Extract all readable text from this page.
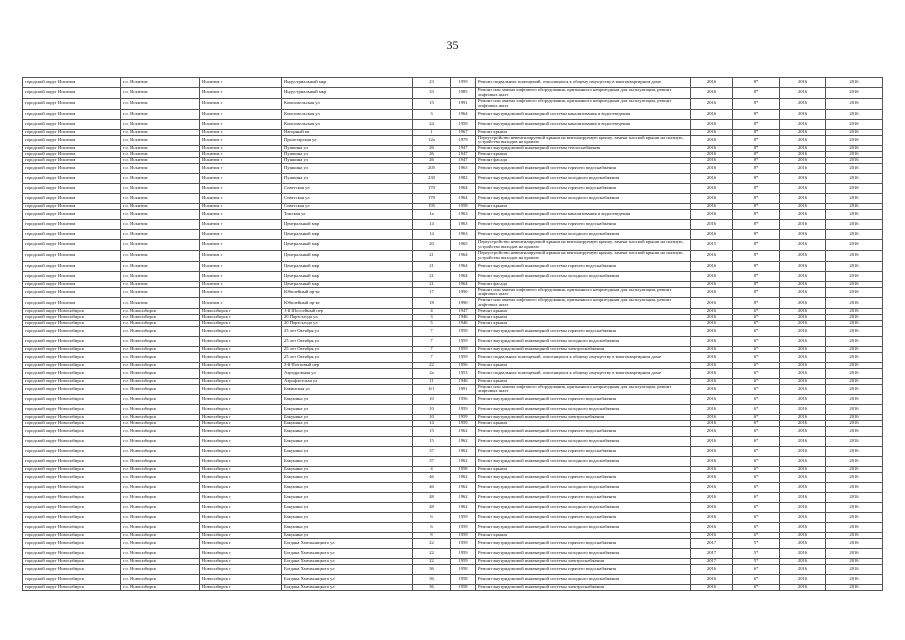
35
городской округ Искитим	г.о. Искитим	Искитим г	Индустриальный мкр	23	1959	Ремонт подвальных помещений, относящихся к общему имуществу в многоквартирном доме	2016	8*	2016	2016
городской округ Искитим	г.о. Искитим	Искитим г	Индустриальный мкр	33	1985	Ремонт или замена лифтового оборудования, признанного непригодным для эксплуатации, ремонт лифтовых шахт	2016	8*	2016	2016
городской округ Искитим	г.о. Искитим	Искитим г	Комсомольская ул	15	1991	Ремонт или замена лифтового оборудования, признанного непригодным для эксплуатации, ремонт лифтовых шахт	2016	8*	2016	2016
городской округ Искитим	г.о. Искитим	Искитим г	Комсомольская ул	3	1964	Ремонт внутридомовой инженерной системы канализования и водоотведения	2016	8*	2016	2016
городской округ Искитим	г.о. Искитим	Искитим г	Комсомольская ул	24	1959	Ремонт внутридомовой инженерной системы канализования и водоотведения	2016	8*	2016	2016
городской округ Искитим	г.о. Искитим	Искитим г	Нагорный кв	1	1967	Ремонт крыши	2016	8*	2016	2016
городской округ Искитим	г.о. Искитим	Искитим г	Пролетарская ул	12а	1979	Переустройство невентилируемой крыши на вентилируемую крышу, замена плоской крыши на скатную, устройство выходов на кровлю	2016	8*	2016	2016
городской округ Искитим	г.о. Искитим	Искитим г	Пушкина ул	26	1947	Ремонт внутридомовой инженерной системы теплоснабжения	2016	8*	2016	2016
городской округ Искитим	г.о. Искитим	Искитим г	Пушкина ул	26	1947	Ремонт крыши	2016	8*	2016	2016
городской округ Искитим	г.о. Искитим	Искитим г	Пушкина ул	26	1947	Ремонт фасада	2016	8*	2016	2016
городской округ Искитим	г.о. Искитим	Искитим г	Пушкина ул	205	1963	Ремонт внутридомовой инженерной системы горячего водоснабжения	2016	8*	2016	2016
городской округ Искитим	г.о. Искитим	Искитим г	Пушкина ул	230	1982	Ремонт внутридомовой инженерной системы холодного водоснабжения	2016	8*	2016	2016
городской округ Искитим	г.о. Искитим	Искитим г	Советская ул	170	1964	Ремонт внутридомовой инженерной системы горячего водоснабжения	2016	8*	2016	2016
городской округ Искитим	г.о. Искитим	Искитим г	Советская ул	170	1964	Ремонт внутридомовой инженерной системы холодного водоснабжения	2016	8*	2016	2016
городской округ Искитим	г.о. Искитим	Искитим г	Советская ул	195	1958	Ремонт крыши	2016	8*	2016	2016
городской округ Искитим	г.о. Искитим	Искитим г	Томская ул	1а	1963	Ремонт внутридомовой инженерной системы канализования и водоотведения	2016	8*	2016	2016
городской округ Искитим	г.о. Искитим	Искитим г	Центральный мкр	14	1963	Ремонт внутридомовой инженерной системы горячего водоснабжения	2016	8*	2016	2016
городской округ Искитим	г.о. Искитим	Искитим г	Центральный мкр	14	1963	Ремонт внутридомовой инженерной системы холодного водоснабжения	2016	8*	2016	2016
городской округ Искитим	г.о. Искитим	Искитим г	Центральный мкр	20	1965	Переустройство невентилируемой крыши на вентилируемую крышу, замена плоской крыши на скатную, устройство выходов на кровлю	2015	8*	2016	2016
городской округ Искитим	г.о. Искитим	Искитим г	Центральный мкр	21	1964	Переустройство невентилируемой крыши на вентилируемую крышу, замена плоской крыши на скатную, устройство выходов на кровлю	2016	8*	2016	2016
городской округ Искитим	г.о. Искитим	Искитим г	Центральный мкр	21	1964	Ремонт внутридомовой инженерной системы горячего водоснабжения	2016	8*	2016	2016
городской округ Искитим	г.о. Искитим	Искитим г	Центральный мкр	21	1964	Ремонт внутридомовой инженерной системы холодного водоснабжения	2016	8*	2016	2016
городской округ Искитим	г.о. Искитим	Искитим г	Центральный мкр	21	1964	Ремонт фасада	2016	8*	2016	2016
городской округ Искитим	г.о. Искитим	Искитим г	Юбилейный пр-кт	17	1990	Ремонт или замена лифтового оборудования, признанного непригодным для эксплуатации, ремонт лифтовых шахт	2016	8*	2016	2016
городской округ Искитим	г.о. Искитим	Искитим г	Юбилейный пр-кт	18	1990	Ремонт или замена лифтового оборудования, признанного непригодным для эксплуатации, ремонт лифтовых шахт	2016	8*	2016	2016
городской округ Новосибирск	г.о. Новосибирск	Новосибирск г	1-й Шоссейный пер	4	1947	Ремонт крыши	2016	6*	2016	2016
городской округ Новосибирск	г.о. Новосибирск	Новосибирск г	20 Партсъезда ул	3	1946	Ремонт крыши	2016	6*	2016	2016
городской округ Новосибирск	г.о. Новосибирск	Новосибирск г	20 Партсъезда ул	5	1946	Ремонт крыши	2016	6*	2016	2016
городской округ Новосибирск	г.о. Новосибирск	Новосибирск г	25 лет Октября ул	7	1959	Ремонт внутридомовой инженерной системы горячего водоснабжения	2016	6*	2016	2016
городской округ Новосибирск	г.о. Новосибирск	Новосибирск г	25 лет Октября ул	7	1959	Ремонт внутридомовой инженерной системы холодного водоснабжения	2016	6*	2016	2016
городской округ Новосибирск	г.о. Новосибирск	Новосибирск г	25 лет Октября ул	7	1959	Ремонт внутридомовой инженерной системы электроснабжения	2016	6*	2016	2016
городской округ Новосибирск	г.о. Новосибирск	Новосибирск г	25 лет Октября ул	7	1959	Ремонт подвальных помещений, относящихся к общему имуществу в многоквартирном доме	2016	6*	2016	2016
городской округ Новосибирск	г.о. Новосибирск	Новосибирск г	3-й Почтовый пер	22	1956	Ремонт крыши	2016	6*	2016	2016
городской округ Новосибирск	г.о. Новосибирск	Новосибирск г	Аэродромная ул	2а	1953	Ремонт подвальных помещений, относящихся к общему имуществу в многоквартирном доме	2016	6*	2016	2016
городской округ Новосибирск	г.о. Новосибирск	Новосибирск г	Аэрофлотская ул	11	1946	Ремонт крыши	2016	6*	2016	2016
городской округ Новосибирск	г.о. Новосибирск	Новосибирск г	Бакинская ул	6/1	1991	Ремонт или замена лифтового оборудования, признанного непригодным для эксплуатации, ремонт лифтовых шахт	2016	6*	2016	2016
городской округ Новосибирск	г.о. Новосибирск	Новосибирск г	Бакунина ул	10	1956	Ремонт внутридомовой инженерной системы горячего водоснабжения	2016	6*	2016	2016
городской округ Новосибирск	г.о. Новосибирск	Новосибирск г	Бакунина ул	10	1959	Ремонт внутридомовой инженерной системы холодного водоснабжения	2016	6*	2016	2016
городской округ Новосибирск	г.о. Новосибирск	Новосибирск г	Бакунина ул	10	1959	Ремонт внутридомовой инженерной системы электроснабжения	2016	6*	2016	2016
городской округ Новосибирск	г.о. Новосибирск	Новосибирск г	Бакунина ул	14	1959	Ремонт крыши	2016	6*	2016	2016
городской округ Новосибирск	г.о. Новосибирск	Новосибирск г	Бакунина ул	15	1962	Ремонт внутридомовой инженерной системы горячего водоснабжения	2016	6*	2016	2016
городской округ Новосибирск	г.о. Новосибирск	Новосибирск г	Бакунина ул	15	1962	Ремонт внутридомовой инженерной системы холодного водоснабжения	2016	6*	2016	2016
городской округ Новосибирск	г.о. Новосибирск	Новосибирск г	Бакунина ул	37	1962	Ремонт внутридомовой инженерной системы горячего водоснабжения	2016	6*	2016	2016
городской округ Новосибирск	г.о. Новосибирск	Новосибирск г	Бакунина ул	37	1962	Ремонт внутридомовой инженерной системы холодного водоснабжения	2016	6*	2016	2016
городской округ Новосибирск	г.о. Новосибирск	Новосибирск г	Бакунина ул	4	1958	Ремонт крыши	2016	6*	2016	2016
городской округ Новосибирск	г.о. Новосибирск	Новосибирск г	Бакунина ул	46	1962	Ремонт внутридомовой инженерной системы горячего водоснабжения	2016	6*	2016	2016
городской округ Новосибирск	г.о. Новосибирск	Новосибирск г	Бакунина ул	46	1962	Ремонт внутридомовой инженерной системы холодного водоснабжения	2016	6*	2016	2016
городской округ Новосибирск	г.о. Новосибирск	Новосибирск г	Бакунина ул	48	1962	Ремонт внутридомовой инженерной системы горячего водоснабжения	2016	6*	2016	2016
городской округ Новосибирск	г.о. Новосибирск	Новосибирск г	Бакунина ул	48	1962	Ремонт внутридомовой инженерной системы холодного водоснабжения	2016	6*	2016	2016
городской округ Новосибирск	г.о. Новосибирск	Новосибирск г	Бакунина ул	6	1959	Ремонт внутридомовой инженерной системы горячего водоснабжения	2016	6*	2016	2016
городской округ Новосибирск	г.о. Новосибирск	Новосибирск г	Бакунина ул	6	1959	Ремонт внутридомовой инженерной системы холодного водоснабжения	2016	6*	2016	2016
городской округ Новосибирск	г.о. Новосибирск	Новосибирск г	Бакунина ул	8	1959	Ремонт крыши	2016	6*	2016	2016
городской округ Новосибирск	г.о. Новосибирск	Новосибирск г	Богдана Хмельницкого ул	22	1959	Ремонт внутридомовой инженерной системы горячего водоснабжения	2017	5*	2016	2016
городской округ Новосибирск	г.о. Новосибирск	Новосибирск г	Богдана Хмельницкого ул	22	1959	Ремонт внутридомовой инженерной системы холодного водоснабжения	2017	5*	2016	2016
городской округ Новосибирск	г.о. Новосибирск	Новосибирск г	Богдана Хмельницкого ул	22	1959	Ремонт внутридомовой инженерной системы электроснабжения	2017	5*	2016	2016
городской округ Новосибирск	г.о. Новосибирск	Новосибирск г	Богдана Хмельницкого ул	36	1958	Ремонт внутридомовой инженерной системы горячего водоснабжения	2016	6*	2016	2016
городской округ Новосибирск	г.о. Новосибирск	Новосибирск г	Богдана Хмельницкого ул	36	1958	Ремонт внутридомовой инженерной системы холодного водоснабжения	2016	6*	2016	2016
городской округ Новосибирск	г.о. Новосибирск	Новосибирск г	Богдана Хмельницкого ул	36	1958	Ремонт внутридомовой инженерной системы электроснабжения	2016	6*	2016	2016
